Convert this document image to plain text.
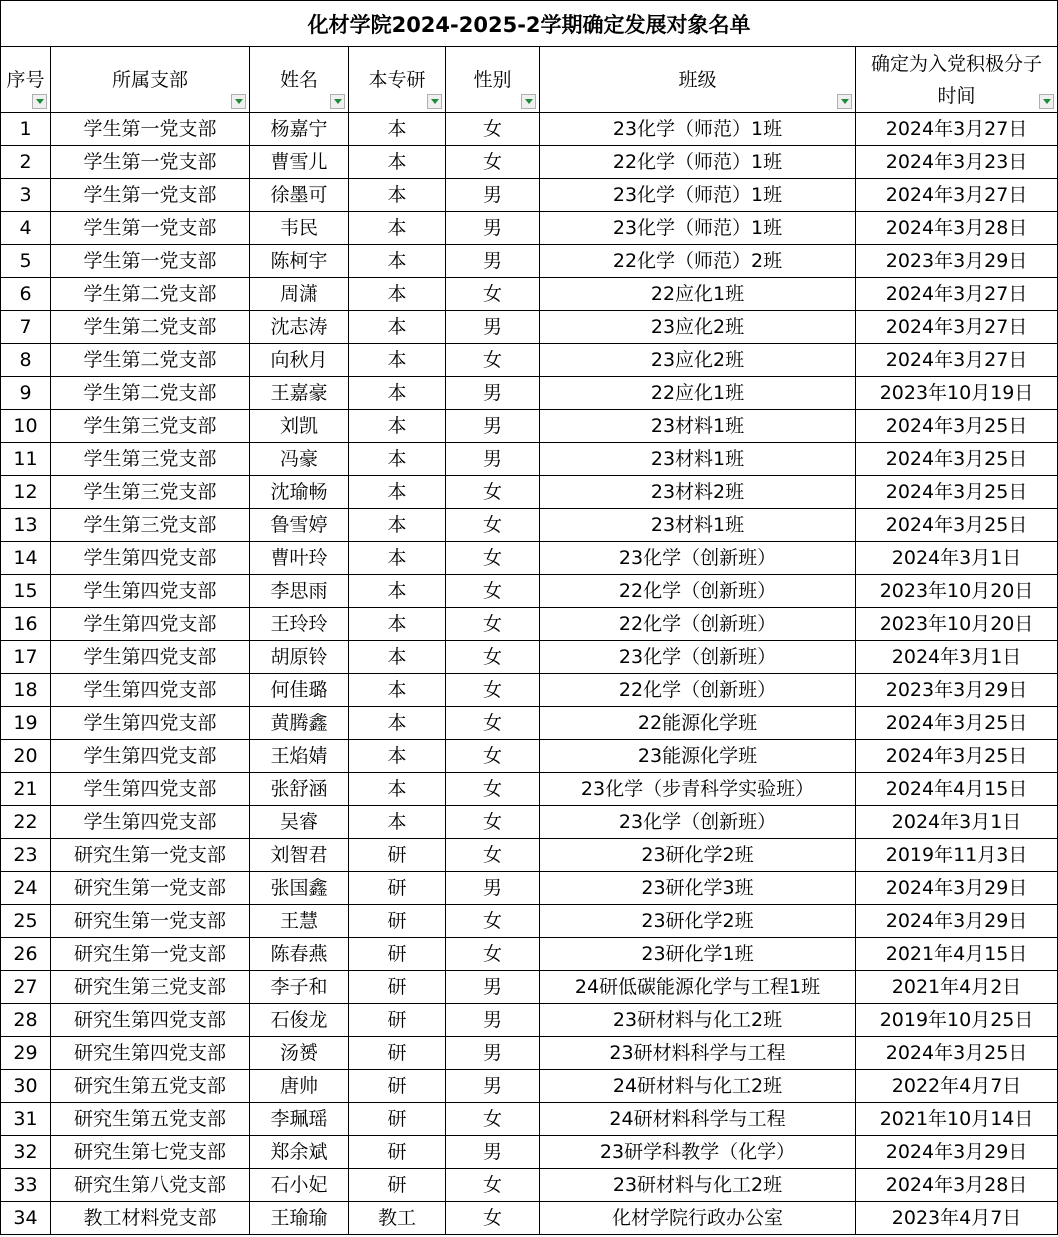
化材学院2024-2025-2学期确定发展对象名单						

序号	所属支部	姓名	本专研	性别	班级	确定为入党积极分子时间

1	学生第一党支部	杨嘉宁	本	女	23化学（师范）1班	2024年3月27日
2	学生第一党支部	曹雪儿	本	女	22化学（师范）1班	2024年3月23日
3	学生第一党支部	徐墨可	本	男	23化学（师范）1班	2024年3月27日
4	学生第一党支部	韦民	本	男	23化学（师范）1班	2024年3月28日
5	学生第一党支部	陈柯宇	本	男	22化学（师范）2班	2023年3月29日
6	学生第二党支部	周潇	本	女	22应化1班	2024年3月27日
7	学生第二党支部	沈志涛	本	男	23应化2班	2024年3月27日
8	学生第二党支部	向秋月	本	女	23应化2班	2024年3月27日
9	学生第二党支部	王嘉豪	本	男	22应化1班	2023年10月19日
10	学生第三党支部	刘凯	本	男	23材料1班	2024年3月25日
11	学生第三党支部	冯豪	本	男	23材料1班	2024年3月25日
12	学生第三党支部	沈瑜畅	本	女	23材料2班	2024年3月25日
13	学生第三党支部	鲁雪婷	本	女	23材料1班	2024年3月25日
14	学生第四党支部	曹叶玲	本	女	23化学（创新班）	2024年3月1日
15	学生第四党支部	李思雨	本	女	22化学（创新班）	2023年10月20日
16	学生第四党支部	王玲玲	本	女	22化学（创新班）	2023年10月20日
17	学生第四党支部	胡原铃	本	女	23化学（创新班）	2024年3月1日
18	学生第四党支部	何佳璐	本	女	22化学（创新班）	2023年3月29日
19	学生第四党支部	黄腾鑫	本	女	22能源化学班	2024年3月25日
20	学生第四党支部	王焰婧	本	女	23能源化学班	2024年3月25日
21	学生第四党支部	张舒涵	本	女	23化学（步青科学实验班）	2024年4月15日
22	学生第四党支部	吴睿	本	女	23化学（创新班）	2024年3月1日
23	研究生第一党支部	刘智君	研	女	23研化学2班	2019年11月3日
24	研究生第一党支部	张国鑫	研	男	23研化学3班	2024年3月29日
25	研究生第一党支部	王慧	研	女	23研化学2班	2024年3月29日
26	研究生第一党支部	陈春燕	研	女	23研化学1班	2021年4月15日
27	研究生第三党支部	李子和	研	男	24研低碳能源化学与工程1班	2021年4月2日
28	研究生第四党支部	石俊龙	研	男	23研材料与化工2班	2019年10月25日
29	研究生第四党支部	汤赟	研	男	23研材料科学与工程	2024年3月25日
30	研究生第五党支部	唐帅	研	男	24研材料与化工2班	2022年4月7日
31	研究生第五党支部	李珮瑶	研	女	24研材料科学与工程	2021年10月14日
32	研究生第七党支部	郑余斌	研	男	23研学科教学（化学）	2024年3月29日
33	研究生第八党支部	石小妃	研	女	23研材料与化工2班	2024年3月28日
34	教工材料党支部	王瑜瑜	教工	女	化材学院行政办公室	2023年4月7日
